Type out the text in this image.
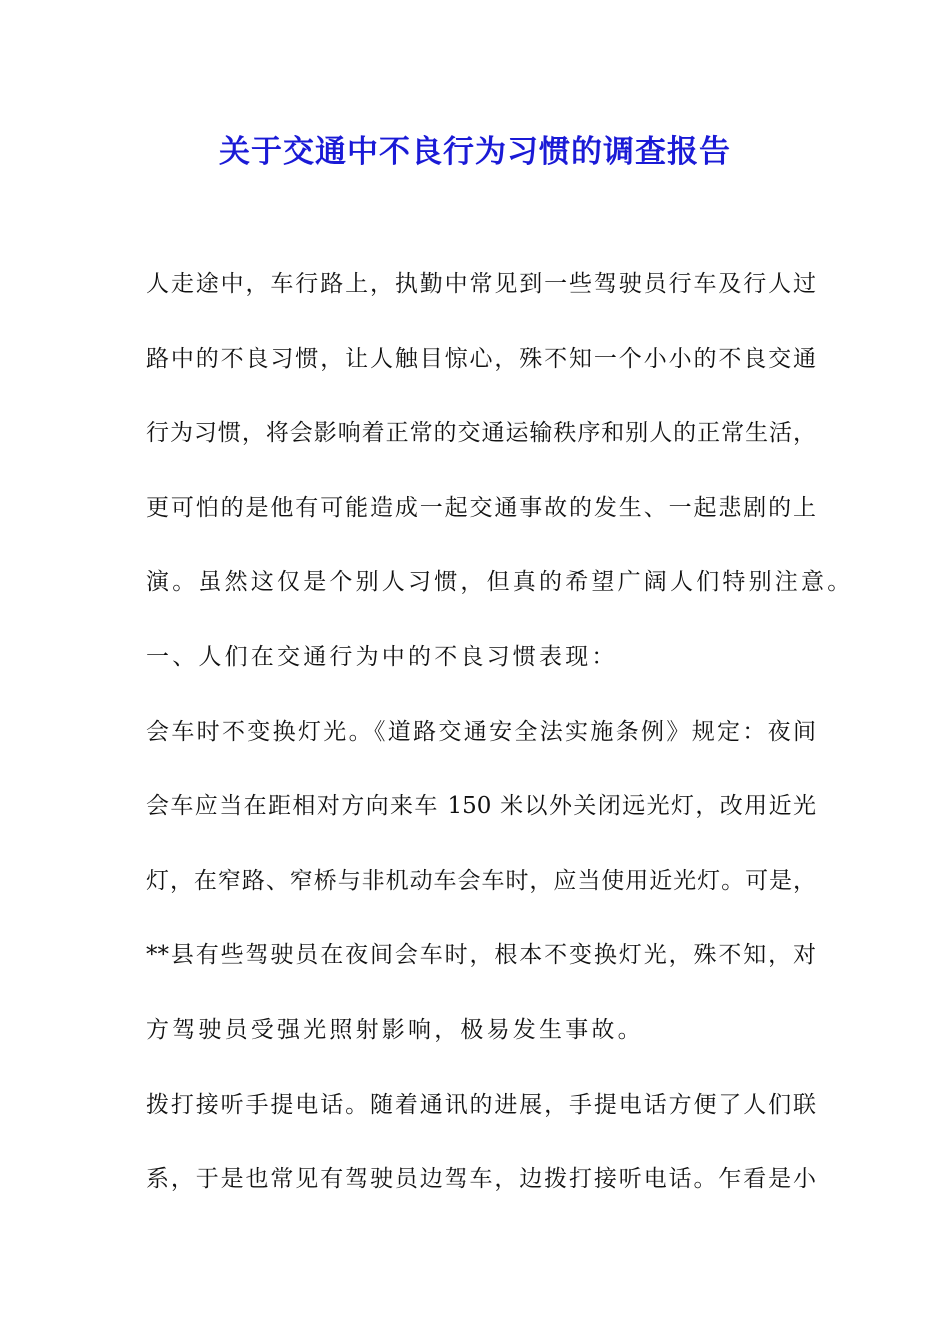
关于交通中不良行为习惯的调查报告
人走途中，车行路上，执勤中常见到一些驾驶员行车及行人过
路中的不良习惯，让人触目惊心，殊不知一个小小的不良交通
行为习惯，将会影响着正常的交通运输秩序和别人的正常生活，
更可怕的是他有可能造成一起交通事故的发生、一起悲剧的上
演。虽然这仅是个别人习惯，但真的希望广阔人们特别注意。
一、人们在交通行为中的不良习惯表现：
会车时不变换灯光。《道路交通安全法实施条例》规定：夜间
会车应当在距相对方向来车 150 米以外关闭远光灯，改用近光
灯，在窄路、窄桥与非机动车会车时，应当使用近光灯。可是，
**县有些驾驶员在夜间会车时，根本不变换灯光，殊不知，对
方驾驶员受强光照射影响，极易发生事故。
拨打接听手提电话。随着通讯的进展，手提电话方便了人们联
系，于是也常见有驾驶员边驾车，边拨打接听电话。乍看是小
